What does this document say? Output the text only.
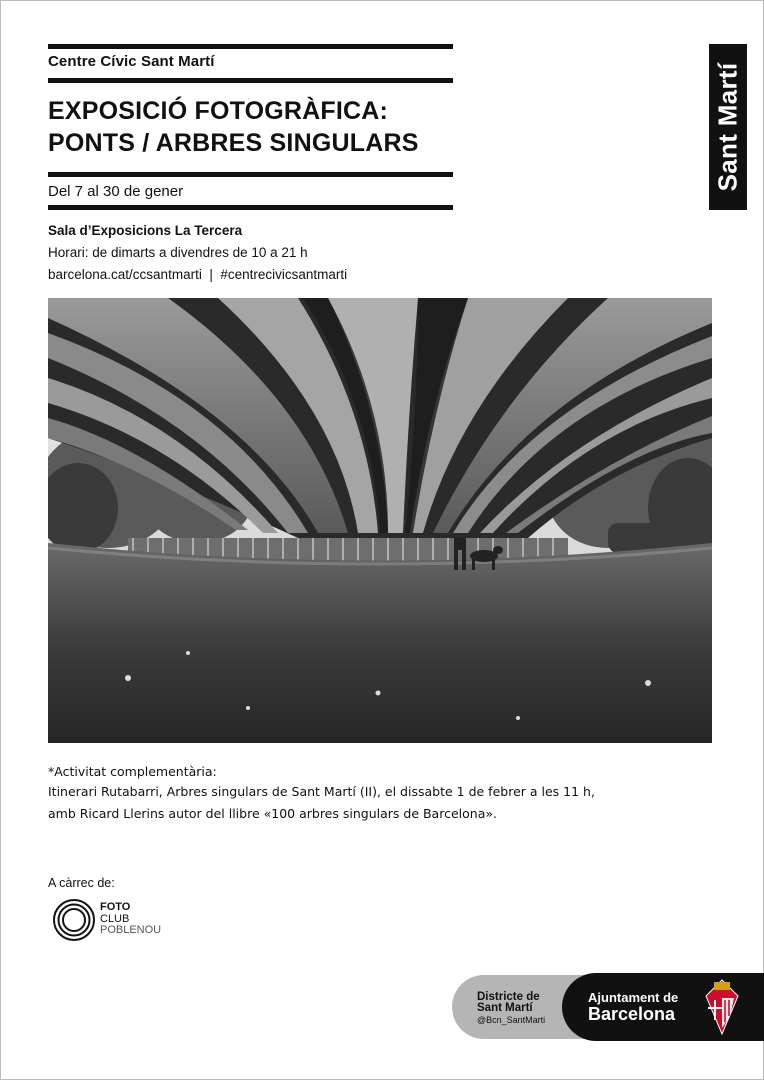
Centre Cívic Sant Martí
EXPOSICIÓ FOTOGRÀFICA:
PONTS / ARBRES SINGULARS
Del 7 al 30 de gener
Sala d’Exposicions La Tercera
Horari: de dimarts a divendres de 10 a 21 h
barcelona.cat/ccsantmarti  |  #centrecivicsantmarti
Sant Martí
*Activitat complementària:
Itinerari Rutabarri, Arbres singulars de Sant Martí (II), el dissabte 1 de febrer a les 11 h,
amb Ricard Llerins autor del llibre «100 arbres singulars de Barcelona».
A càrrec de:
FOTO
CLUB
POBLENOU
Districte de
Sant Martí
@Bcn_SantMarti
Ajuntament de
Barcelona
